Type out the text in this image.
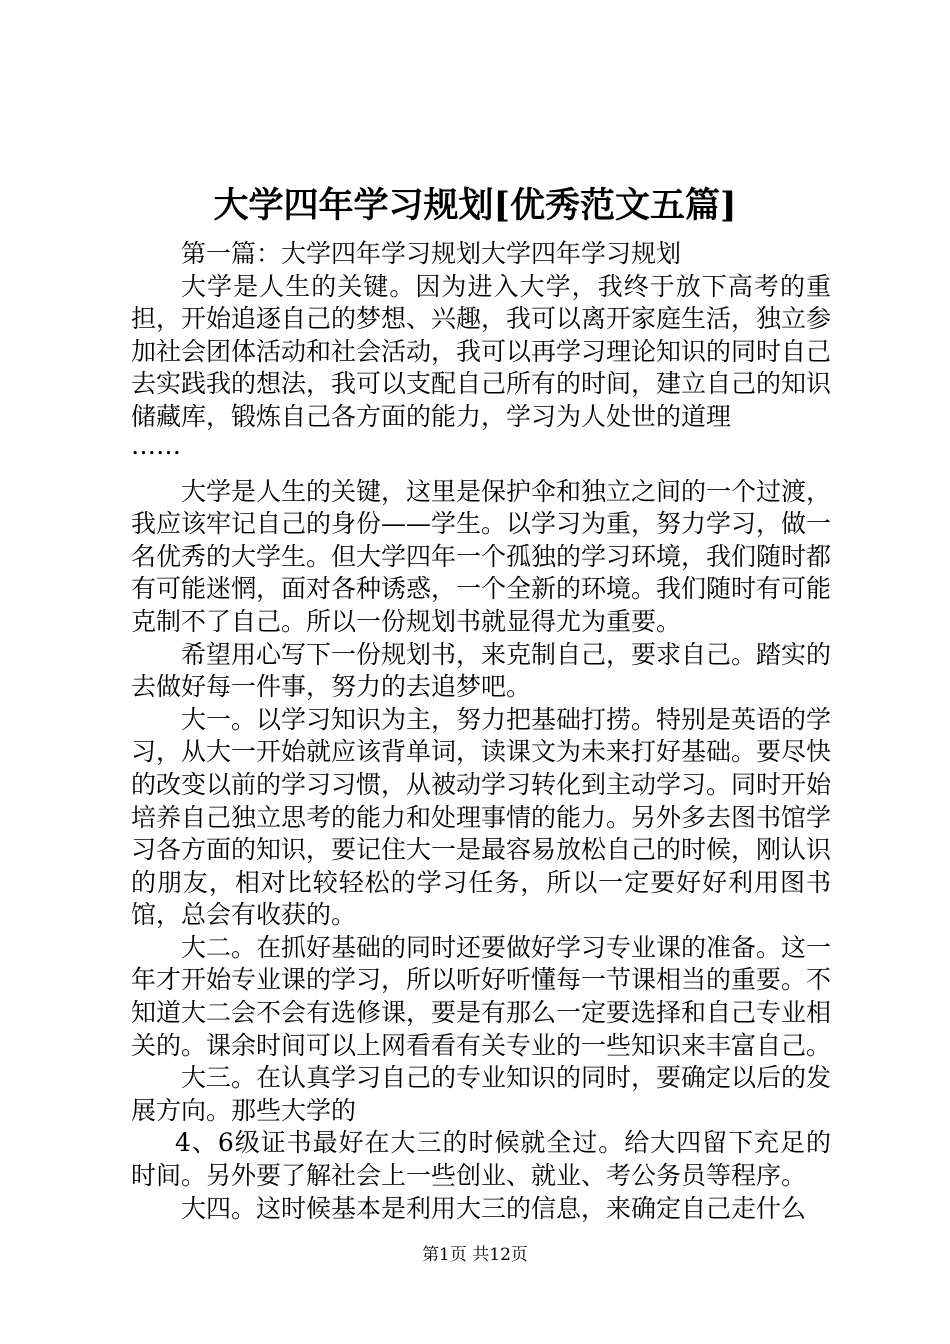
大学四年学习规划[优秀范文五篇]

第一篇：大学四年学习规划大学四年学习规划

大学是人生的关键。因为进入大学，我终于放下高考的重担，开始追逐自己的梦想、兴趣，我可以离开家庭生活，独立参加社会团体活动和社会活动，我可以再学习理论知识的同时自己去实践我的想法，我可以支配自己所有的时间，建立自己的知识储藏库，锻炼自己各方面的能力，学习为人处世的道理

……

大学是人生的关键，这里是保护伞和独立之间的一个过渡，我应该牢记自己的身份——学生。以学习为重，努力学习，做一名优秀的大学生。但大学四年一个孤独的学习环境，我们随时都有可能迷惘，面对各种诱惑，一个全新的环境。我们随时有可能克制不了自己。所以一份规划书就显得尤为重要。

希望用心写下一份规划书，来克制自己，要求自己。踏实的去做好每一件事，努力的去追梦吧。

大一。以学习知识为主，努力把基础打捞。特别是英语的学习，从大一开始就应该背单词，读课文为未来打好基础。要尽快的改变以前的学习习惯，从被动学习转化到主动学习。同时开始培养自己独立思考的能力和处理事情的能力。另外多去图书馆学习各方面的知识，要记住大一是最容易放松自己的时候，刚认识的朋友，相对比较轻松的学习任务，所以一定要好好利用图书馆，总会有收获的。

大二。在抓好基础的同时还要做好学习专业课的准备。这一年才开始专业课的学习，所以听好听懂每一节课相当的重要。不知道大二会不会有选修课，要是有那么一定要选择和自己专业相关的。课余时间可以上网看看有关专业的一些知识来丰富自己。

大三。在认真学习自己的专业知识的同时，要确定以后的发展方向。那些大学的

4、6级证书最好在大三的时候就全过。给大四留下充足的时间。另外要了解社会上一些创业、就业、考公务员等程序。

大四。这时候基本是利用大三的信息，来确定自己走什么

第1页 共12页
